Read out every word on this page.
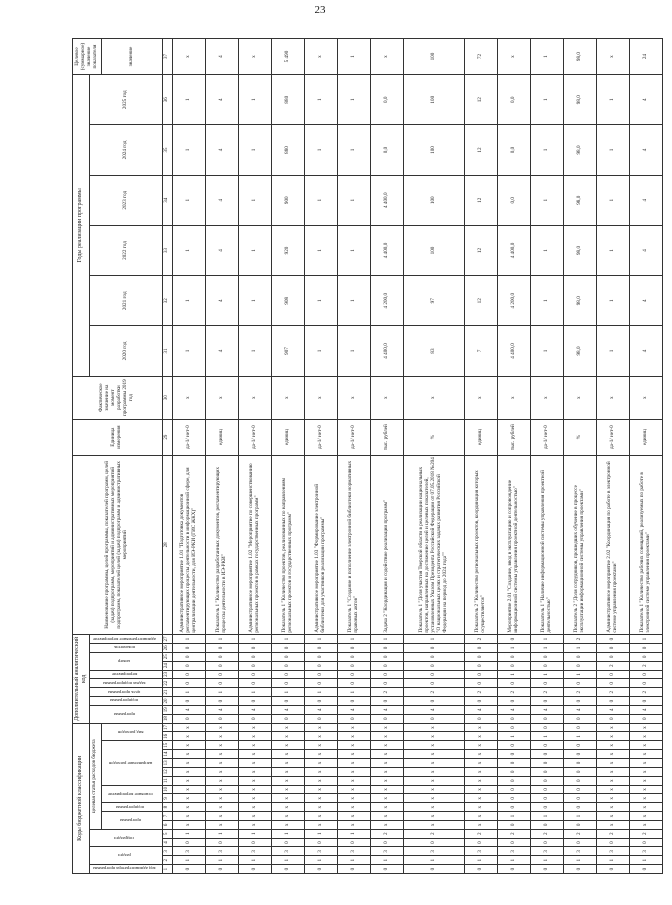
23
Коды бюджетной классификации																	Дополнительный аналитический код										Наименование программы, целей программы, показателей программ, целей (задач) подпрограмм, мероприятий и административных мероприятий подпрограмм, показателей целей (задач) подпрограмм и административных мероприятий	Единица измерения	Фактическое значение на момент разработки программы 2019 год	Годы реализации программы						Целевое (суммарное) значение показателя
код администратора программы	раздел		подраздел		целевая статья расходов бюджета												программа		подпрограмма	цель программы	задача подпрограммы	мероприятие	номер		показатель	административное мероприятие				2020 год	2021 год	2022 год	2023 год	2024 год	2025 год	
					программа		подпрограмма	основное мероприятие		направление расходов					вид расходов																					значение
1	2	3	4	5	6	7	8	9	10	11	12	13	14	15	16	17	18	19	20	21	22	23	24	25	26	27	28	29	30	31	32	33	34	35	36	37
0	1	3	0	1	x	x	x	x	x	x	x	x	x	x	x	x	0	4	0	1	0	0	0	0	0	1	Административное мероприятие 1.01 "Подготовка документов регламентирующих процессы деятельности в информационной сфере, для централизации деятельности, для ИЭ-РКИ (ГИС ЖКХ)"	да-1/ нет-0	x	1	1	1	1	1	1	x
0	1	3	0	1	x	x	x	x	x	x	x	x	x	x	x	x	0	4	0	1	0	0	0	0	0	1	Показатель 1 "Количество разработанных документов, регламентирующих процессы деятельности в ИЭ-РКИ"	единиц	x	4	4	4	4	4	4	4
0	1	3	0	1	x	x	x	x	x	x	x	x	x	x	x	x	0	4	0	1	0	0	0	0	0	1	Административное мероприятие 1.02 "Мероприятие по совершенствованию региональных проектов в рамках государственных программ"	да-1/ нет-0	x	1	1	1	1	1	1	x
0	1	3	0	1	x	x	x	x	x	x	x	x	x	x	x	x	0	4	0	1	0	0	0	0	0	1	Показатель 1 "Количество проектов, реализованных по направлениям региональных проектов и государственных программ"	единиц	x	907	908	920	900	880	880	5 490
0	1	3	0	1	x	x	x	x	x	x	x	x	x	x	x	x	0	4	0	1	0	0	0	0	0	1	Административное мероприятие 1.03 "Формирование электронной библиотеки для участников реализации программы"	да-1/ нет-0	x	1	1	1	1	1	1	x
0	1	3	0	1	x	x	x	x	x	x	x	x	x	x	x	x	0	4	0	1	0	0	0	0	0	1	Показатель 1 "Создание и пополнение электронной библиотеки нормативных правовых актов"	да-1/ нет-0	x	1	1	1	1	1	1	1
0	1	3	0	2	x	x	x	x	x	x	x	x	x	x	x	x	0	4	0	2	0	0	0	0	0	1	Задача 2 "Координация и содействие реализации программ"	тыс. рублей	x	4 400,0	4 200,0	4 400,0	4 400,0	0,0	0,0	x
0	1	3	0	2	x	x	x	x	x	x	x	x	x	x	x	x	0	4	0	2	0	0	0	0	0	1	Показатель 1 "Доля участия Тверской области в реализации национальных проектов, направленных на достижение целей и целевых показателей, установленных Указом Президента Российской Федерации от 07.05.2018 №204 "О национальных целях и стратегических задачах развития Российской Федерации на период до 2024 года""	%	x	83	97	100	100	100	100	100
0	1	3	0	2	x	x	x	x	x	x	x	x	x	x	x	x	0	4	0	2	0	0	0	0	0	2	Показатель 2 "Количество региональных проектов, координация которых осуществляется"	единиц	x	7	12	12	12	12	12	72
0	1	3	0	2	0	1	0	0	0	0	0	0	0	0	1	0	0	4	0	2	0	1	0	0	1	0	Мероприятие 2.01 "Создание, ввод в эксплуатацию и сопровождение информационной системы управления проектной деятельностью"	тыс. рублей	x	4 400,0	4 200,0	4 400,0	0,0	0,0	0,0	x
0	1	3	0	2	0	1	0	0	0	0	0	0	0	0	1	0	0	4	0	2	0	1	0	0	1	1	Показатель 1 "Наличие информационной системы управления проектной деятельностью"	да-1/ нет-0	x	1	1	1	1	1	1	1
0	1	3	0	2	0	1	0	0	0	0	0	0	0	0	1	0	0	4	0	2	0	1	0	0	1	2	Показатель 2 "Доля сотрудников, прошедших обучение в процессе эксплуатации информационной системы управления проектами"	%	x	98,0	98,0	98,0	98,0	98,0	98,0	98,0
0	1	3	0	2	x	x	x	x	x	x	x	x	x	x	x	x	0	4	0	2	0	0	2	0	0	0	Административное мероприятие 2.02 "Координация по работе в электронной системе управления проектами"	да-1/ нет-0	x	1	1	1	1	1	1	x
0	1	3	0	2	x	x	x	x	x	x	x	x	x	x	x	x	0	4	0	2	0	0	2	0	0	1	Показатель 1 "Количество рабочих совещаний, реализуемых по работе в электронной системе управления проектами"	единиц	x	4	4	4	4	4	4	24
